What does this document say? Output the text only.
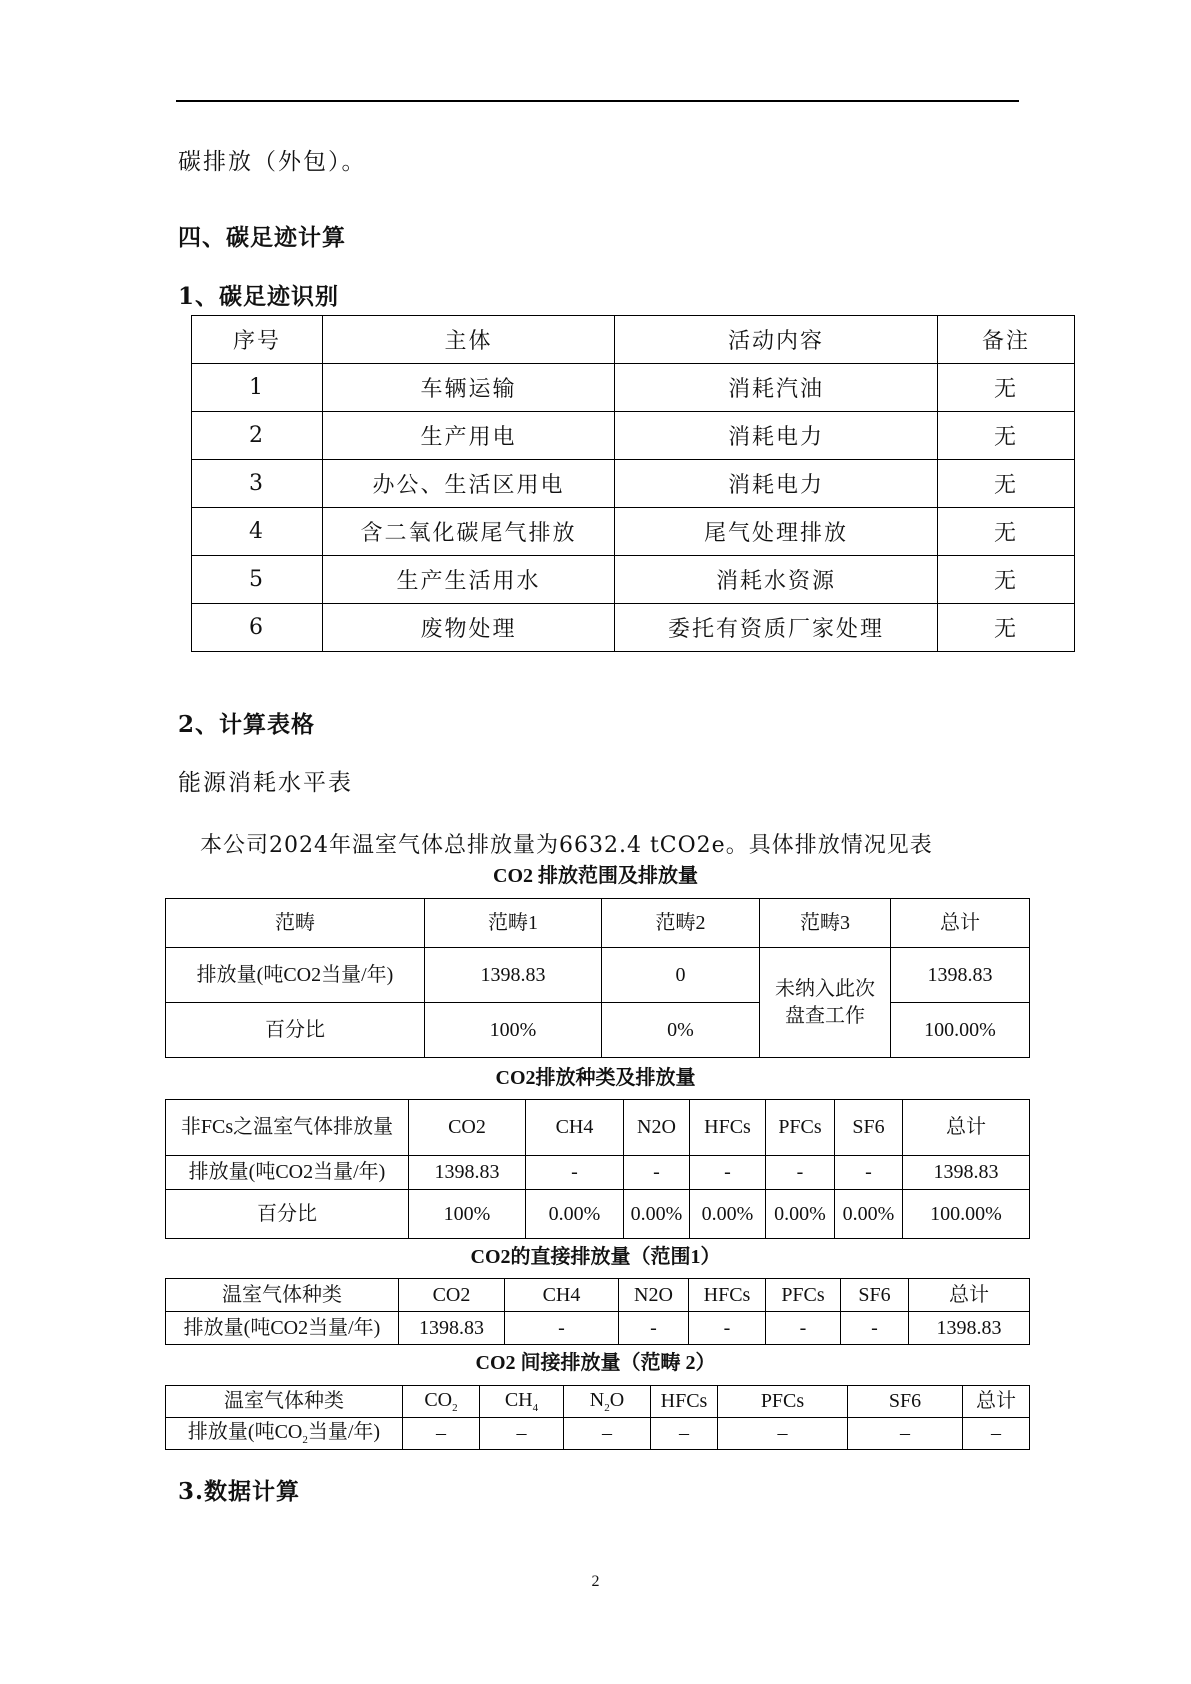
碳排放（外包）。
四、碳足迹计算
1、碳足迹识别
序号	主体	活动内容	备注
1	车辆运输	消耗汽油	无
2	生产用电	消耗电力	无
3	办公、生活区用电	消耗电力	无
4	含二氧化碳尾气排放	尾气处理排放	无
5	生产生活用水	消耗水资源	无
6	废物处理	委托有资质厂家处理	无
2、计算表格
能源消耗水平表
本公司2024年温室气体总排放量为6632.4 tCO2e。具体排放情况见表
CO2 排放范围及排放量
范畴	范畴1	范畴2	范畴3	总计
排放量(吨CO2当量/年)	1398.83	0	未纳入此次盘查工作	1398.83
百分比	100%	0%		100.00%
CO2排放种类及排放量
非FCs之温室气体排放量	CO2	CH4	N2O	HFCs	PFCs	SF6	总计
排放量(吨CO2当量/年)	1398.83	-	-	-	-	-	1398.83
百分比	100%	0.00%	0.00%	0.00%	0.00%	0.00%	100.00%
CO2的直接排放量（范围1）
温室气体种类	CO2	CH4	N2O	HFCs	PFCs	SF6	总计
排放量(吨CO2当量/年)	1398.83	-	-	-	-	-	1398.83
CO2 间接排放量（范畴 2）
温室气体种类	$CO_2$	$CH_4$	$N_2O$	HFCs	PFCs	SF6	总计
排放量(吨$CO_2$当量/年)	–	–	–	–	–	–	–
3.数据计算
2
